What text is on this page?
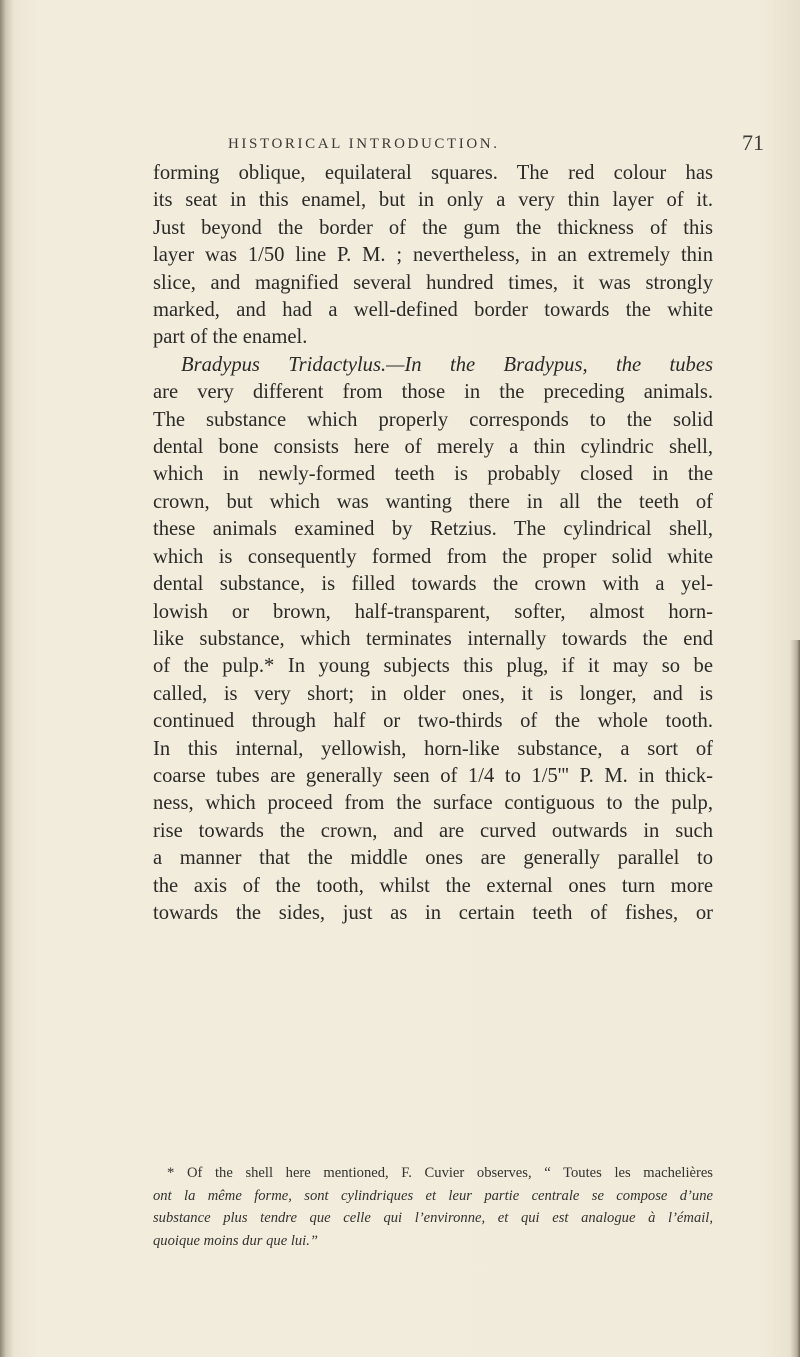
HISTORICAL INTRODUCTION.	71
forming oblique, equilateral squares. The red colour has
its seat in this enamel, but in only a very thin layer of it.
Just beyond the border of the gum the thickness of this
layer was 1/50 line P. M. ; nevertheless, in an extremely thin
slice, and magnified several hundred times, it was strongly
marked, and had a well-defined border towards the white
part of the enamel.
Bradypus Tridactylus.—In the Bradypus, the tubes
are very different from those in the preceding animals.
The substance which properly corresponds to the solid
dental bone consists here of merely a thin cylindric shell,
which in newly-formed teeth is probably closed in the
crown, but which was wanting there in all the teeth of
these animals examined by Retzius. The cylindrical shell,
which is consequently formed from the proper solid white
dental substance, is filled towards the crown with a yel-
lowish or brown, half-transparent, softer, almost horn-
like substance, which terminates internally towards the end
of the pulp.* In young subjects this plug, if it may so be
called, is very short; in older ones, it is longer, and is
continued through half or two-thirds of the whole tooth.
In this internal, yellowish, horn-like substance, a sort of
coarse tubes are generally seen of 1/4 to 1/5''' P. M. in thick-
ness, which proceed from the surface contiguous to the pulp,
rise towards the crown, and are curved outwards in such
a manner that the middle ones are generally parallel to
the axis of the tooth, whilst the external ones turn more
towards the sides, just as in certain teeth of fishes, or
* Of the shell here mentioned, F. Cuvier observes, “ Toutes les machelières
ont la même forme, sont cylindriques et leur partie centrale se compose d’une
substance plus tendre que celle qui l’environne, et qui est analogue à l’émail,
quoique moins dur que lui.”
